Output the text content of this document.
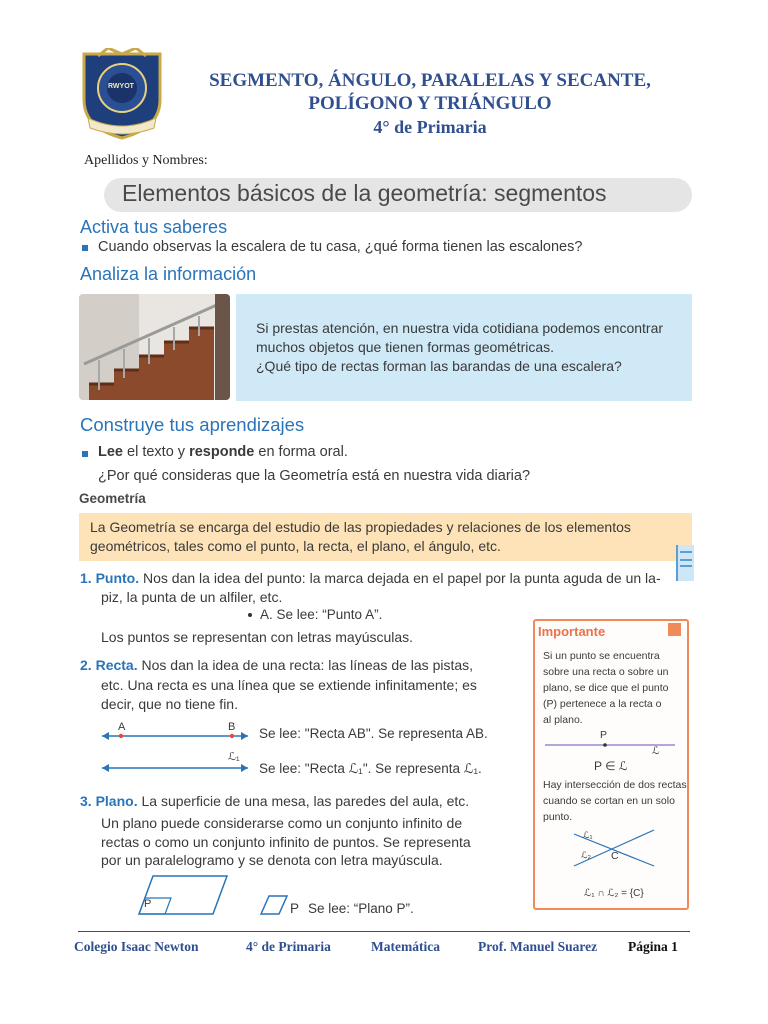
RWYOT	SEGMENTO, ÁNGULO, PARALELAS Y SECANTE,
POLÍGONO Y TRIÁNGULO
4° de Primaria
Apellidos y Nombres:
Elementos básicos de la geometría: segmentos
Activa tus saberes
Cuando observas la escalera de tu casa, ¿qué forma tienen las escalones?
Analiza la información
Si prestas atención, en nuestra vida cotidiana podemos encontrar
muchos objetos que tienen formas geométricas.
¿Qué tipo de rectas forman las barandas de una escalera?
Construye tus aprendizajes
Lee el texto y responde en forma oral.
¿Por qué consideras que la Geometría está en nuestra vida diaria?
Geometría
La Geometría se encarga del estudio de las propiedades y relaciones de los elementos
geométricos, tales como el punto, la recta, el plano, el ángulo, etc.
1. Punto. Nos dan la idea del punto: la marca dejada en el papel por la punta aguda de un la-
piz, la punta de un alfiler, etc.
A. Se lee: “Punto A”.
Los puntos se representan con letras mayúsculas.
2. Recta. Nos dan la idea de una recta: las líneas de las pistas,
etc. Una recta es una línea que se extiende infinitamente; es
decir, que no tiene fin.
A	B Se lee: "Recta AB". Se representa AB.
ℒ₁
Se lee: "Recta ℒ₁". Se representa ℒ₁.
3. Plano. La superficie de una mesa, las paredes del aula, etc.
Un plano puede considerarse como un conjunto infinito de
rectas o como un conjunto infinito de puntos. Se representa
por un paralelogramo y se denota con letra mayúscula.
P	P Se lee: “Plano P”.
Importante
Si un punto se encuentra
sobre una recta o sobre un
plano, se dice que el punto
(P) pertenece a la recta o
al plano.
P
ℒ
P ∈ ℒ
Hay intersección de dos rectas
cuando se cortan en un solo
punto.
ℒ₁
ℒ₂ C
ℒ₁ ∩ ℒ₂ = {C}
Colegio Isaac Newton	4° de Primaria	Matemática	Prof. Manuel Suarez Página 1
